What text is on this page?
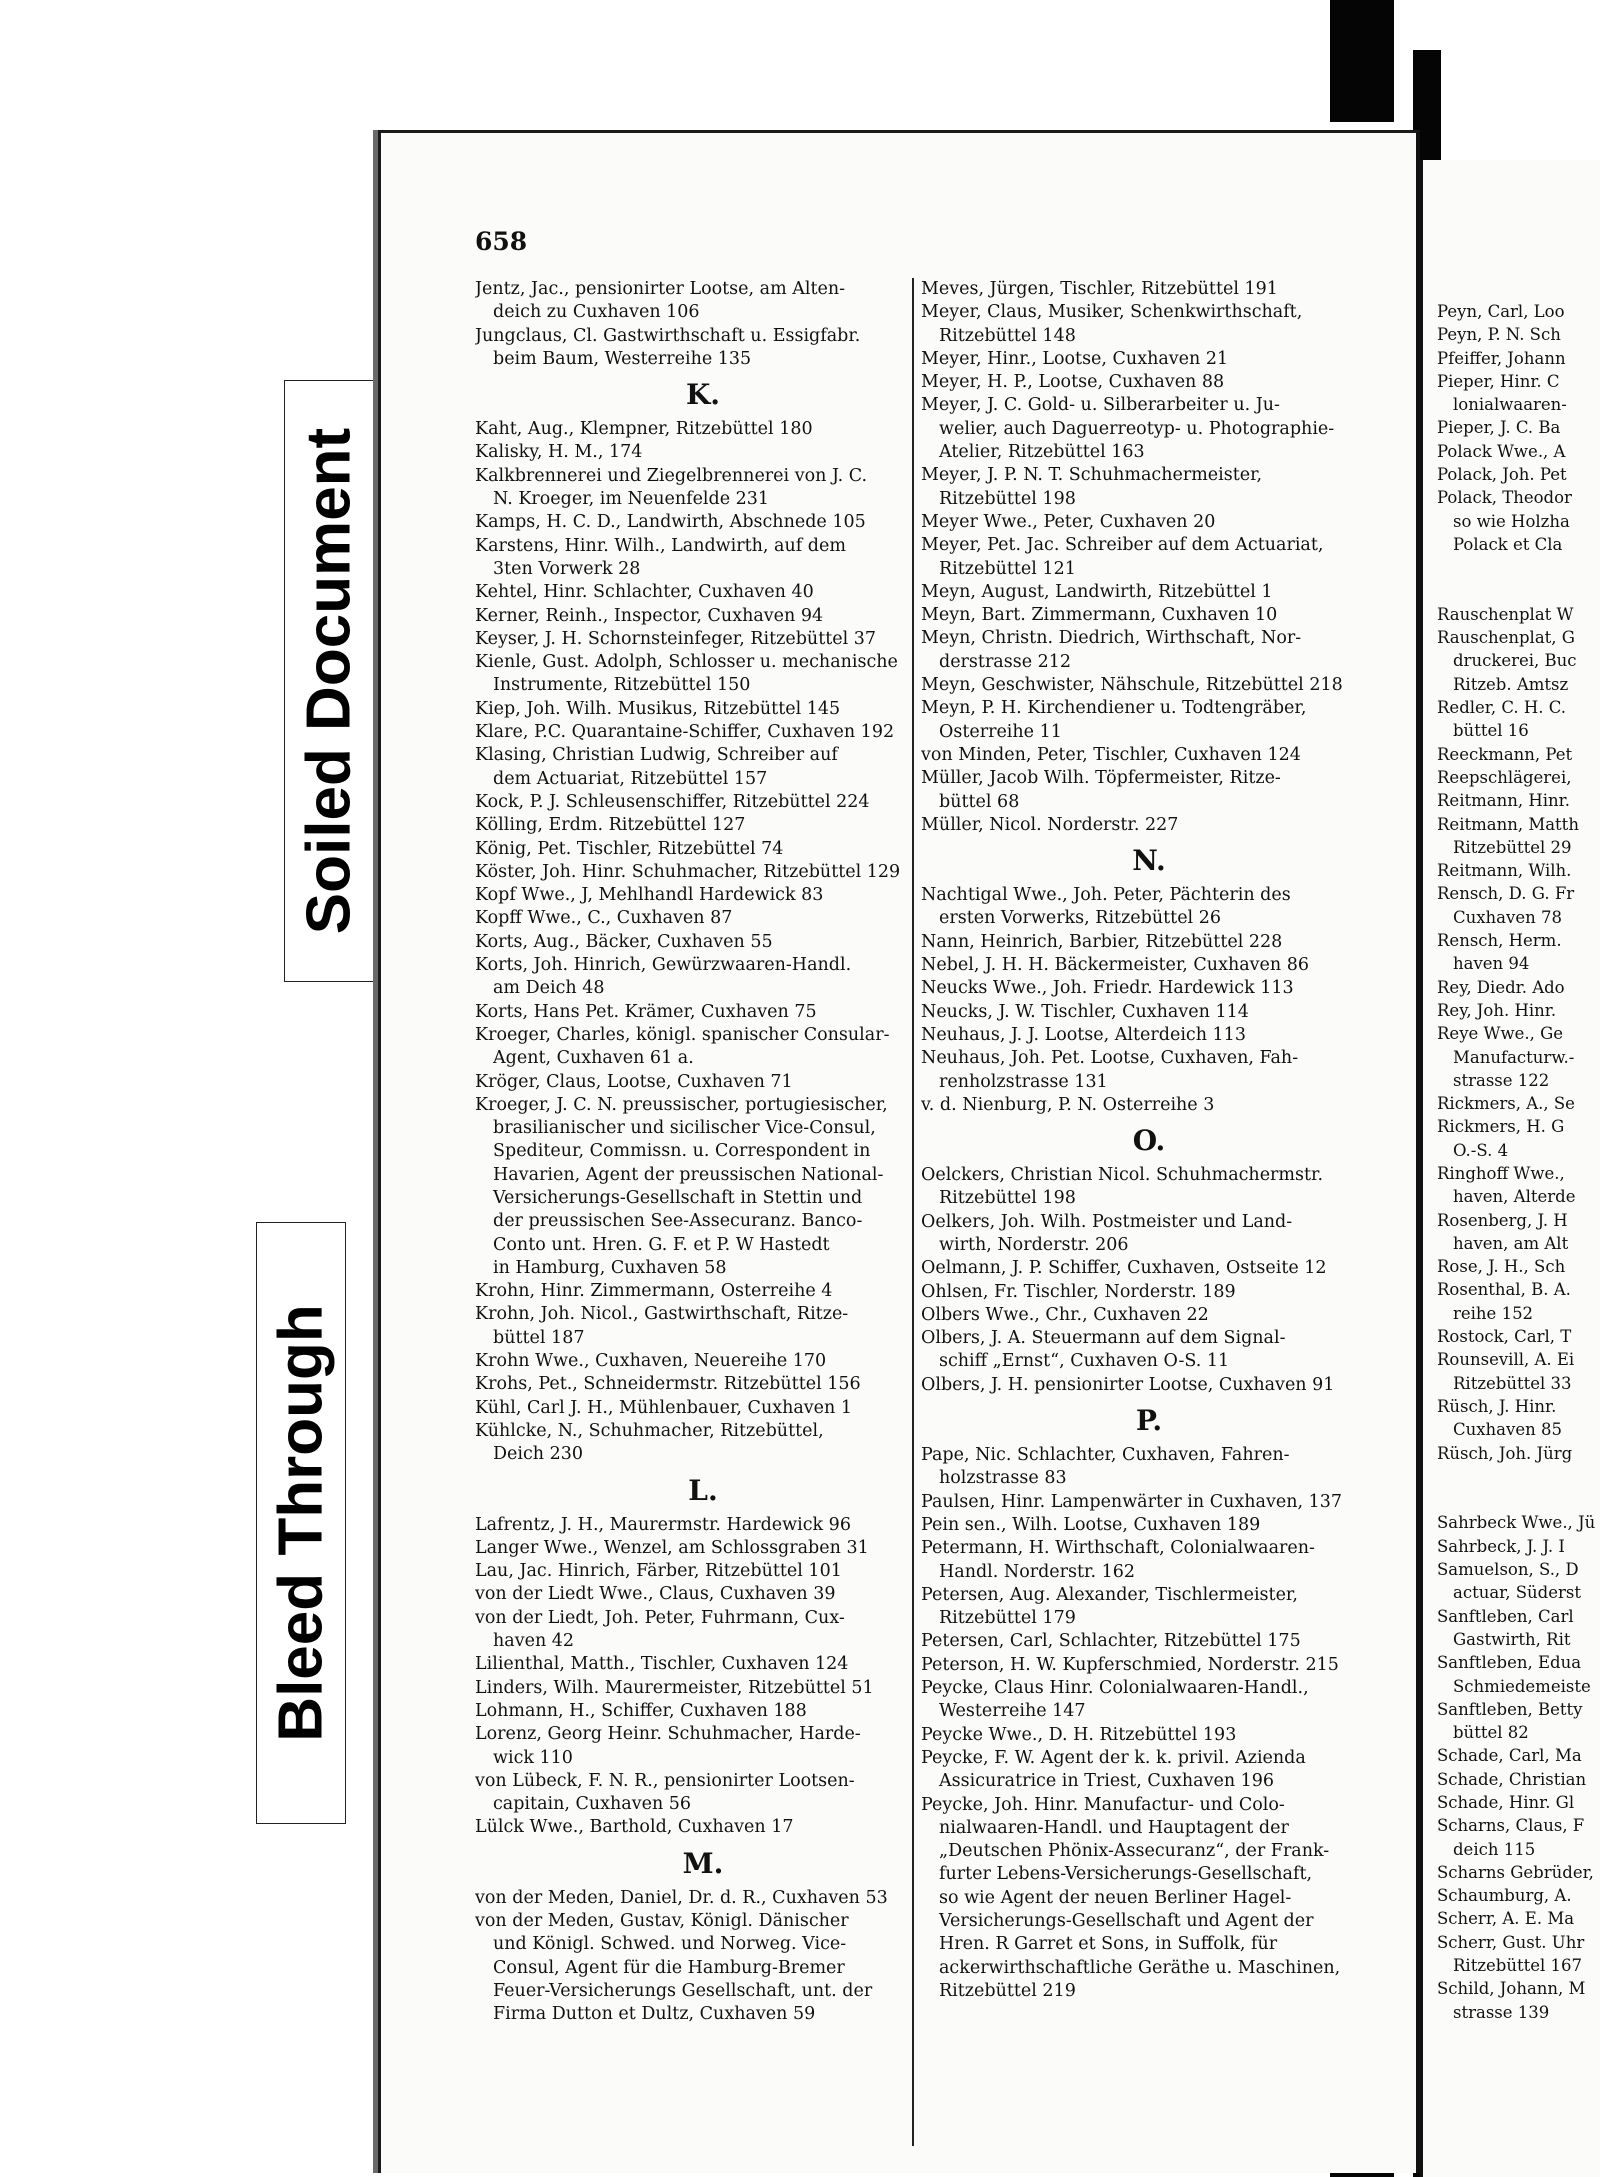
Soiled Document
Bleed Through
658
Jentz, Jac., pensionirter Lootse, am Alten-
deich zu Cuxhaven 106
Jungclaus, Cl. Gastwirthschaft u. Essigfabr.
beim Baum, Westerreihe 135
K.
Kaht, Aug., Klempner, Ritzebüttel 180
Kalisky, H. M., 174
Kalkbrennerei und Ziegelbrennerei von J. C.
N. Kroeger, im Neuenfelde 231
Kamps, H. C. D., Landwirth, Abschnede 105
Karstens, Hinr. Wilh., Landwirth, auf dem
3ten Vorwerk 28
Kehtel, Hinr. Schlachter, Cuxhaven 40
Kerner, Reinh., Inspector, Cuxhaven 94
Keyser, J. H. Schornsteinfeger, Ritzebüttel 37
Kienle, Gust. Adolph, Schlosser u. mechanische
Instrumente, Ritzebüttel 150
Kiep, Joh. Wilh. Musikus, Ritzebüttel 145
Klare, P.C. Quarantaine-Schiffer, Cuxhaven 192
Klasing, Christian Ludwig, Schreiber auf
dem Actuariat, Ritzebüttel 157
Kock, P. J. Schleusenschiffer, Ritzebüttel 224
Kölling, Erdm. Ritzebüttel 127
König, Pet. Tischler, Ritzebüttel 74
Köster, Joh. Hinr. Schuhmacher, Ritzebüttel 129
Kopf Wwe., J, Mehlhandl Hardewick 83
Kopff Wwe., C., Cuxhaven 87
Korts, Aug., Bäcker, Cuxhaven 55
Korts, Joh. Hinrich, Gewürzwaaren-Handl.
am Deich 48
Korts, Hans Pet. Krämer, Cuxhaven 75
Kroeger, Charles, königl. spanischer Consular-
Agent, Cuxhaven 61 a.
Kröger, Claus, Lootse, Cuxhaven 71
Kroeger, J. C. N. preussischer, portugiesischer,
brasilianischer und sicilischer Vice-Consul,
Spediteur, Commissn. u. Correspondent in
Havarien, Agent der preussischen National-
Versicherungs-Gesellschaft in Stettin und
der preussischen See-Assecuranz. Banco-
Conto unt. Hren. G. F. et P. W Hastedt
in Hamburg, Cuxhaven 58
Krohn, Hinr. Zimmermann, Osterreihe 4
Krohn, Joh. Nicol., Gastwirthschaft, Ritze-
büttel 187
Krohn Wwe., Cuxhaven, Neuereihe 170
Krohs, Pet., Schneidermstr. Ritzebüttel 156
Kühl, Carl J. H., Mühlenbauer, Cuxhaven 1
Kühlcke, N., Schuhmacher, Ritzebüttel,
Deich 230
L.
Lafrentz, J. H., Maurermstr. Hardewick 96
Langer Wwe., Wenzel, am Schlossgraben 31
Lau, Jac. Hinrich, Färber, Ritzebüttel 101
von der Liedt Wwe., Claus, Cuxhaven 39
von der Liedt, Joh. Peter, Fuhrmann, Cux-
haven 42
Lilienthal, Matth., Tischler, Cuxhaven 124
Linders, Wilh. Maurermeister, Ritzebüttel 51
Lohmann, H., Schiffer, Cuxhaven 188
Lorenz, Georg Heinr. Schuhmacher, Harde-
wick 110
von Lübeck, F. N. R., pensionirter Lootsen-
capitain, Cuxhaven 56
Lülck Wwe., Barthold, Cuxhaven 17
M.
von der Meden, Daniel, Dr. d. R., Cuxhaven 53
von der Meden, Gustav, Königl. Dänischer
und Königl. Schwed. und Norweg. Vice-
Consul, Agent für die Hamburg-Bremer
Feuer-Versicherungs Gesellschaft, unt. der
Firma Dutton et Dultz, Cuxhaven 59
Meves, Jürgen, Tischler, Ritzebüttel 191
Meyer, Claus, Musiker, Schenkwirthschaft,
Ritzebüttel 148
Meyer, Hinr., Lootse, Cuxhaven 21
Meyer, H. P., Lootse, Cuxhaven 88
Meyer, J. C. Gold- u. Silberarbeiter u. Ju-
welier, auch Daguerreotyp- u. Photographie-
Atelier, Ritzebüttel 163
Meyer, J. P. N. T. Schuhmachermeister,
Ritzebüttel 198
Meyer Wwe., Peter, Cuxhaven 20
Meyer, Pet. Jac. Schreiber auf dem Actuariat,
Ritzebüttel 121
Meyn, August, Landwirth, Ritzebüttel 1
Meyn, Bart. Zimmermann, Cuxhaven 10
Meyn, Christn. Diedrich, Wirthschaft, Nor-
derstrasse 212
Meyn, Geschwister, Nähschule, Ritzebüttel 218
Meyn, P. H. Kirchendiener u. Todtengräber,
Osterreihe 11
von Minden, Peter, Tischler, Cuxhaven 124
Müller, Jacob Wilh. Töpfermeister, Ritze-
büttel 68
Müller, Nicol. Norderstr. 227
N.
Nachtigal Wwe., Joh. Peter, Pächterin des
ersten Vorwerks, Ritzebüttel 26
Nann, Heinrich, Barbier, Ritzebüttel 228
Nebel, J. H. H. Bäckermeister, Cuxhaven 86
Neucks Wwe., Joh. Friedr. Hardewick 113
Neucks, J. W. Tischler, Cuxhaven 114
Neuhaus, J. J. Lootse, Alterdeich 113
Neuhaus, Joh. Pet. Lootse, Cuxhaven, Fah-
renholzstrasse 131
v. d. Nienburg, P. N. Osterreihe 3
O.
Oelckers, Christian Nicol. Schuhmachermstr.
Ritzebüttel 198
Oelkers, Joh. Wilh. Postmeister und Land-
wirth, Norderstr. 206
Oelmann, J. P. Schiffer, Cuxhaven, Ostseite 12
Ohlsen, Fr. Tischler, Norderstr. 189
Olbers Wwe., Chr., Cuxhaven 22
Olbers, J. A. Steuermann auf dem Signal-
schiff „Ernst“, Cuxhaven O-S. 11
Olbers, J. H. pensionirter Lootse, Cuxhaven 91
P.
Pape, Nic. Schlachter, Cuxhaven, Fahren-
holzstrasse 83
Paulsen, Hinr. Lampenwärter in Cuxhaven, 137
Pein sen., Wilh. Lootse, Cuxhaven 189
Petermann, H. Wirthschaft, Colonialwaaren-
Handl. Norderstr. 162
Petersen, Aug. Alexander, Tischlermeister,
Ritzebüttel 179
Petersen, Carl, Schlachter, Ritzebüttel 175
Peterson, H. W. Kupferschmied, Norderstr. 215
Peycke, Claus Hinr. Colonialwaaren-Handl.,
Westerreihe 147
Peycke Wwe., D. H. Ritzebüttel 193
Peycke, F. W. Agent der k. k. privil. Azienda
Assicuratrice in Triest, Cuxhaven 196
Peycke, Joh. Hinr. Manufactur- und Colo-
nialwaaren-Handl. und Hauptagent der
„Deutschen Phönix-Assecuranz“, der Frank-
furter Lebens-Versicherungs-Gesellschaft,
so wie Agent der neuen Berliner Hagel-
Versicherungs-Gesellschaft und Agent der
Hren. R Garret et Sons, in Suffolk, für
ackerwirthschaftliche Geräthe u. Maschinen,
Ritzebüttel 219
Peyn, Carl, Loo
Peyn, P. N. Sch
Pfeiffer, Johann
Pieper, Hinr. C
lonialwaaren-
Pieper, J. C. Ba
Polack Wwe., A
Polack, Joh. Pet
Polack, Theodor
so wie Holzha
Polack et Cla
Rauschenplat W
Rauschenplat, G
druckerei, Buc
Ritzeb. Amtsz
Redler, C. H. C.
büttel 16
Reeckmann, Pet
Reepschlägerei,
Reitmann, Hinr.
Reitmann, Matth
Ritzebüttel 29
Reitmann, Wilh.
Rensch, D. G. Fr
Cuxhaven 78
Rensch, Herm.
haven 94
Rey, Diedr. Ado
Rey, Joh. Hinr.
Reye Wwe., Ge
Manufacturw.-
strasse 122
Rickmers, A., Se
Rickmers, H. G
O.-S. 4
Ringhoff Wwe.,
haven, Alterde
Rosenberg, J. H
haven, am Alt
Rose, J. H., Sch
Rosenthal, B. A.
reihe 152
Rostock, Carl, T
Rounsevill, A. Ei
Ritzebüttel 33
Rüsch, J. Hinr.
Cuxhaven 85
Rüsch, Joh. Jürg
Sahrbeck Wwe., Jü
Sahrbeck, J. J. I
Samuelson, S., D
actuar, Süderst
Sanftleben, Carl
Gastwirth, Rit
Sanftleben, Edua
Schmiedemeiste
Sanftleben, Betty
büttel 82
Schade, Carl, Ma
Schade, Christian
Schade, Hinr. Gl
Scharns, Claus, F
deich 115
Scharns Gebrüder,
Schaumburg, A.
Scherr, A. E. Ma
Scherr, Gust. Uhr
Ritzebüttel 167
Schild, Johann, M
strasse 139
